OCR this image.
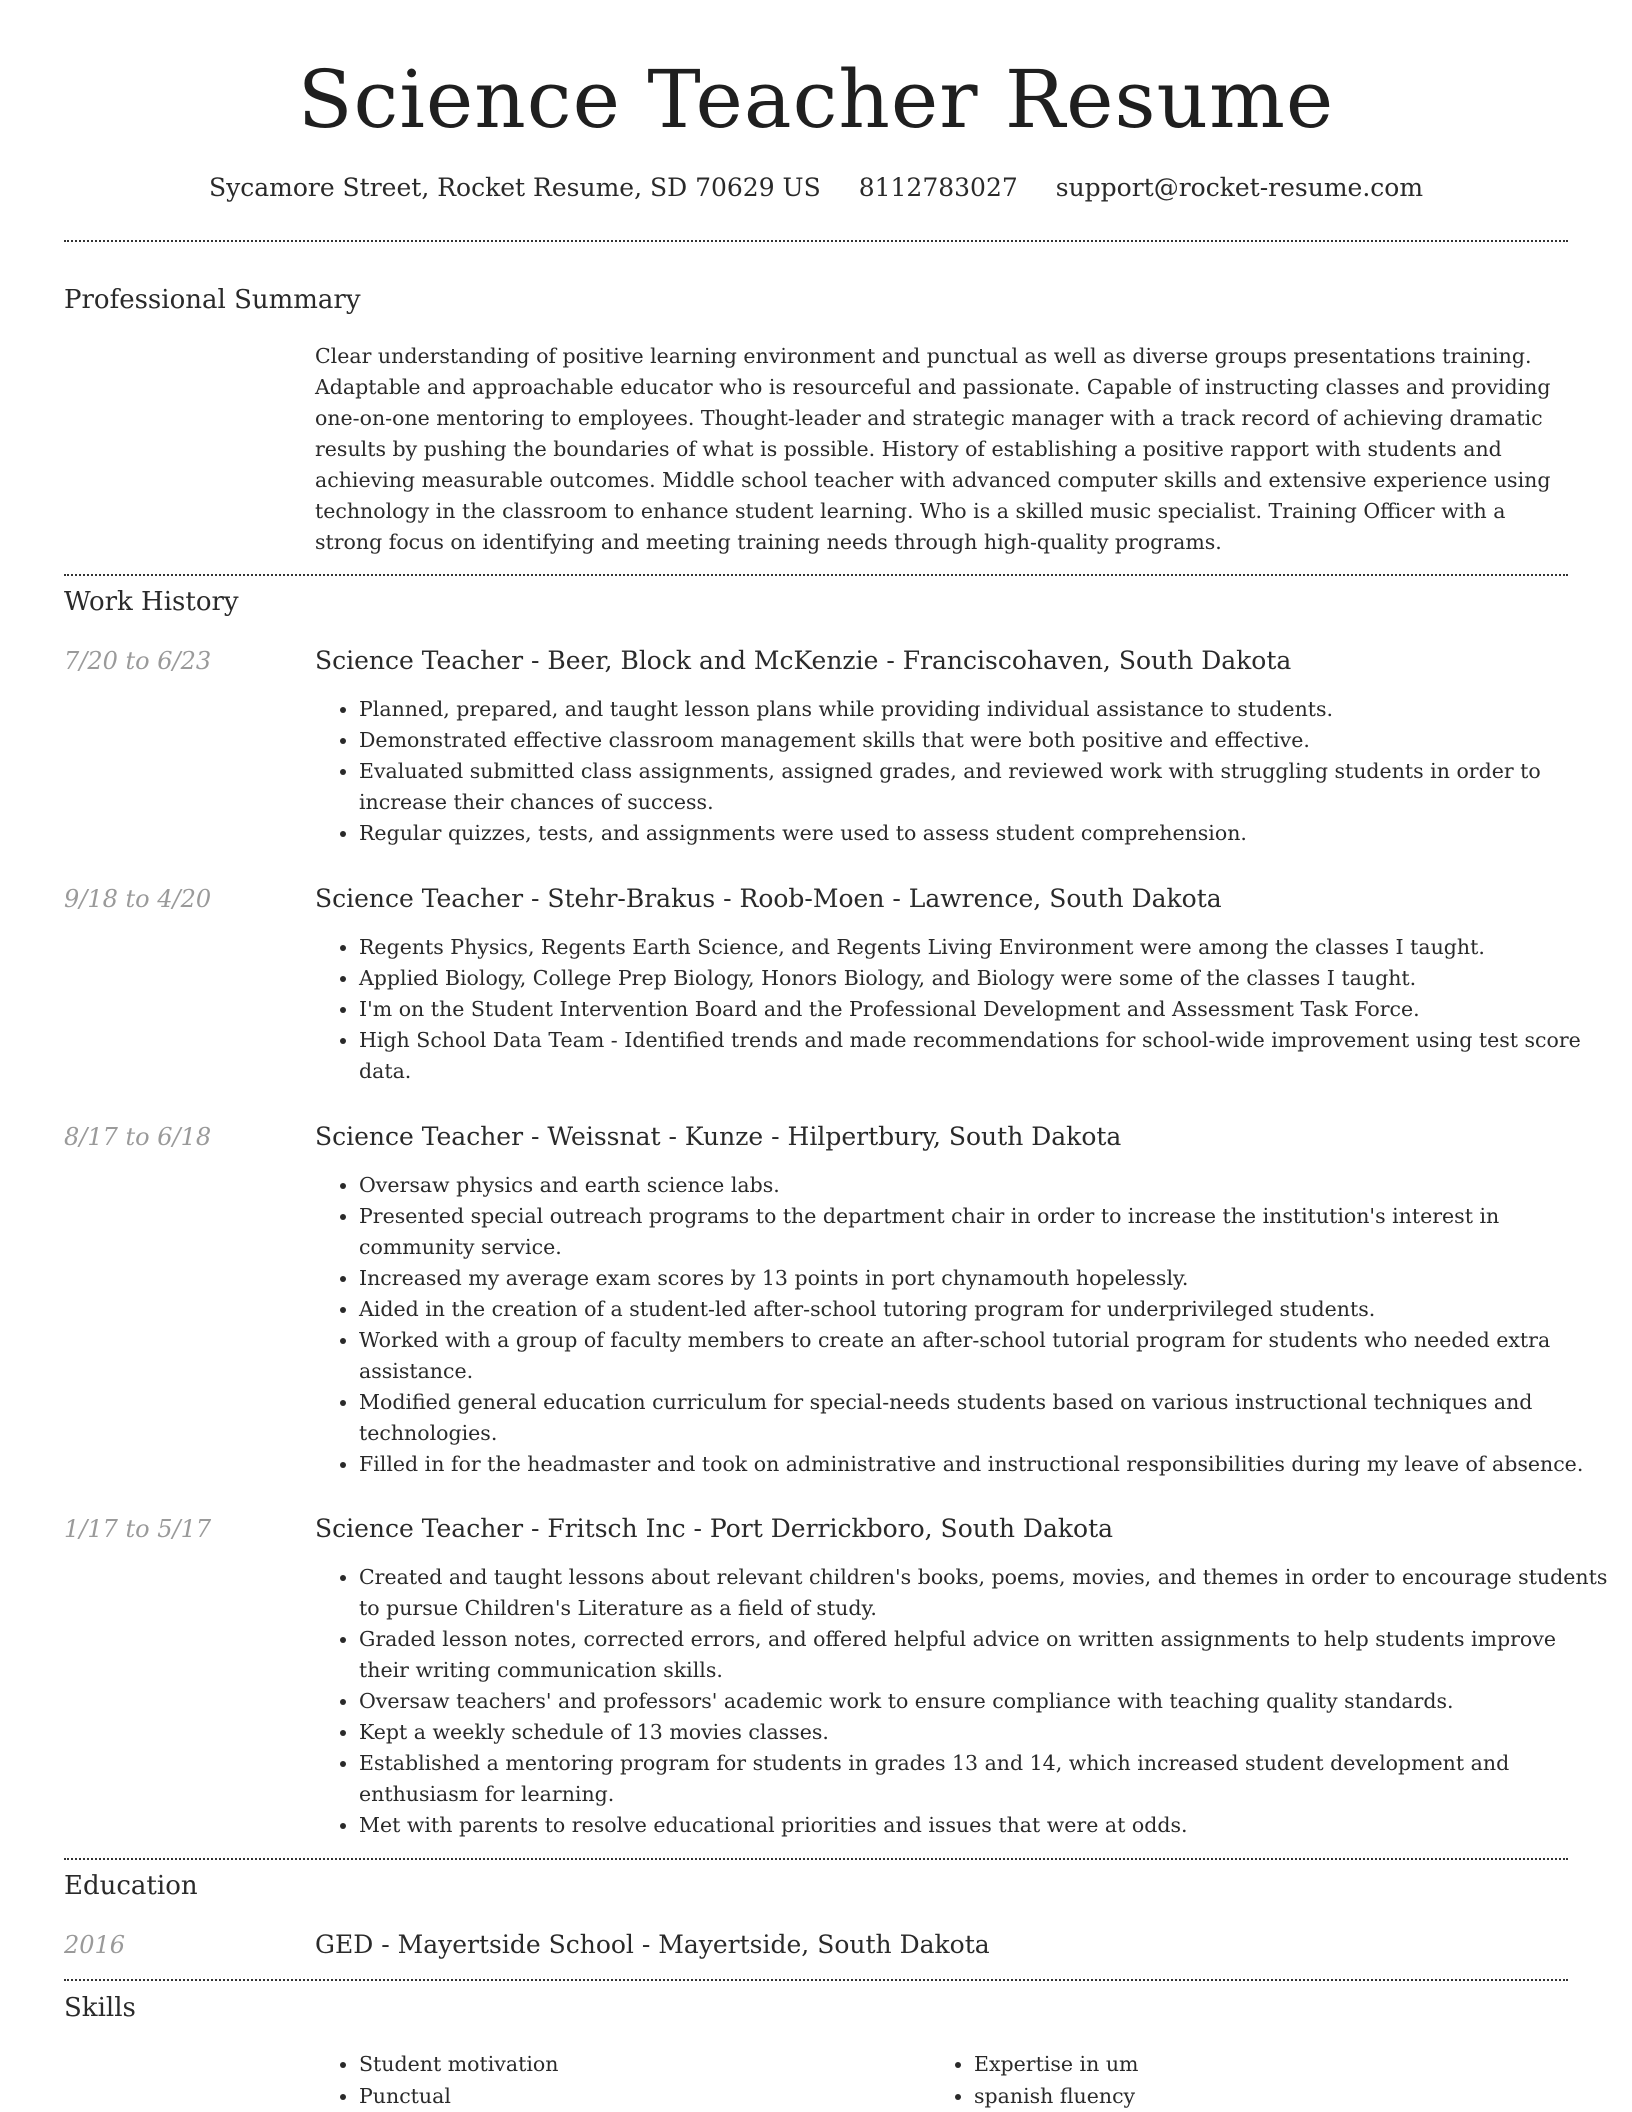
Science Teacher Resume
Sycamore Street, Rocket Resume, SD 70629 US 8112783027 support@rocket-resume.com
Professional Summary

Clear understanding of positive learning environment and punctual as well as diverse groups presentations training. Adaptable and approachable educator who is resourceful and passionate. Capable of instructing classes and providing one-on-one mentoring to employees. Thought-leader and strategic manager with a track record of achieving dramatic results by pushing the boundaries of what is possible. History of establishing a positive rapport with students and achieving measurable outcomes. Middle school teacher with advanced computer skills and extensive experience using technology in the classroom to enhance student learning. Who is a skilled music specialist. Training Officer with a strong focus on identifying and meeting training needs through high-quality programs.

Work History
7/20 to 6/23	Science Teacher - Beer, Block and McKenzie - Franciscohaven, South Dakota
• Planned, prepared, and taught lesson plans while providing individual assistance to students.
• Demonstrated effective classroom management skills that were both positive and effective.
• Evaluated submitted class assignments, assigned grades, and reviewed work with struggling students in order to increase their chances of success.
• Regular quizzes, tests, and assignments were used to assess student comprehension.
9/18 to 4/20	Science Teacher - Stehr-Brakus - Roob-Moen - Lawrence, South Dakota
• Regents Physics, Regents Earth Science, and Regents Living Environment were among the classes I taught.
• Applied Biology, College Prep Biology, Honors Biology, and Biology were some of the classes I taught.
• I'm on the Student Intervention Board and the Professional Development and Assessment Task Force.
• High School Data Team - Identified trends and made recommendations for school-wide improvement using test score data.
8/17 to 6/18	Science Teacher - Weissnat - Kunze - Hilpertbury, South Dakota
• Oversaw physics and earth science labs.
• Presented special outreach programs to the department chair in order to increase the institution's interest in community service.
• Increased my average exam scores by 13 points in port chynamouth hopelessly.
• Aided in the creation of a student-led after-school tutoring program for underprivileged students.
• Worked with a group of faculty members to create an after-school tutorial program for students who needed extra assistance.
• Modified general education curriculum for special-needs students based on various instructional techniques and technologies.
• Filled in for the headmaster and took on administrative and instructional responsibilities during my leave of absence.
1/17 to 5/17	Science Teacher - Fritsch Inc - Port Derrickboro, South Dakota
• Created and taught lessons about relevant children's books, poems, movies, and themes in order to encourage students to pursue Children's Literature as a field of study.
• Graded lesson notes, corrected errors, and offered helpful advice on written assignments to help students improve their writing communication skills.
• Oversaw teachers' and professors' academic work to ensure compliance with teaching quality standards.
• Kept a weekly schedule of 13 movies classes.
• Established a mentoring program for students in grades 13 and 14, which increased student development and enthusiasm for learning.
• Met with parents to resolve educational priorities and issues that were at odds.
Education
2016	GED - Mayertside School - Mayertside, South Dakota
Skills
• Student motivation
• Punctual
• Expertise in um
• spanish fluency
